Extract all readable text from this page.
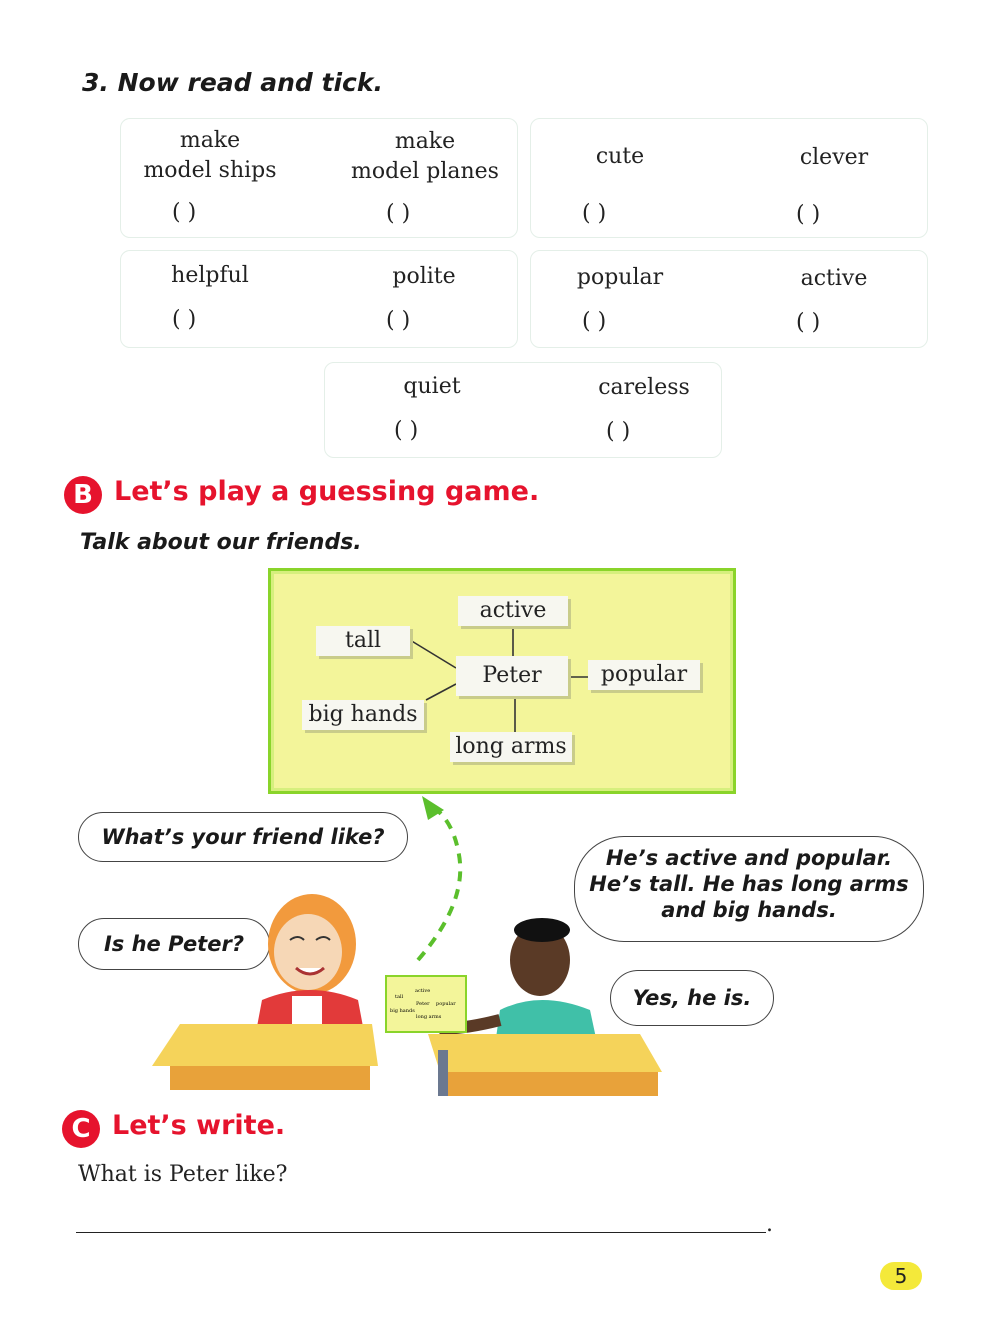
3. Now read and tick.
make
model ships
( )
make
model planes
( )
cute
( )
clever
( )
helpful
( )
polite
( )
popular
( )
active
( )
quiet
( )
careless
( )
B Let’s play a guessing game.
Talk about our friends.
active
tall
Peter	popular
big hands
long arms
What’s your friend like?
He’s active and popular.
He’s tall. He has long arms
and big hands.
Is he Peter?
Yes, he is.
active
tall
Peter popular
big hands
long arms
C Let’s write.
What is Peter like?
.
5
